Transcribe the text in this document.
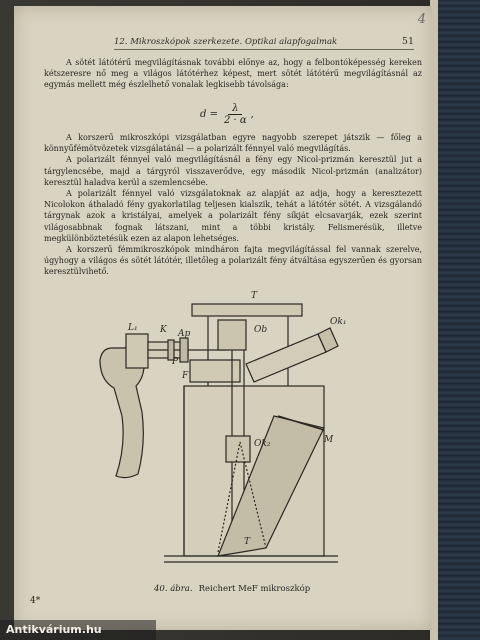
4
12. Mikroszkópok szerkezete. Optikai alapfogalmak	51

A sötét látótérű megvilágításnak további előnye az, hogy a felbontóképesség kereken kétszeresre nő meg a világos látótérhez képest, mert sötét látótérű megvilágításnál az egymás mellett még észlelhető vonalak legkisebb távolsága:

$d = \frac{\lambda}{2 \cdot \alpha}$ ,

A korszerű mikroszkópi vizsgálatban egyre nagyobb szerepet játszik — főleg a könnyűfémötvözetek vizsgálatánál — a polarizált fénnyel való megvilágítás.

A polarizált fénnyel való megvilágításnál a fény egy Nicol-prizmán keresztül jut a tárgylencsébe, majd a tárgyról visszaverődve, egy második Nicol-prizmán (analizátor) keresztül haladva kerül a szemlencsébe.

A polarizált fénnyel való vizsgálatoknak az alapját az adja, hogy a keresztezett Nicolokon áthaladó fény gyakorlatilag teljesen kialszik, tehát a látótér sötét. A vizsgálandó tárgynak azok a kristályai, amelyek a polarizált fény síkját elcsavarják, ezek szerint világosabbnak fognak látszani, mint a többi kristály. Felismerésük, illetve megkülönböztetésük ezen az alapon lehetséges.

A korszerű fémmikroszkópok mindháron fajta megvilágítással fel vannak szerelve, úgyhogy a világos és sötét látótér, illetőleg a polarizált fény átváltása egyszerűen és gyorsan keresztülvihető.

T
L₁ K Ap	Ob
Ok₁
P
F
Ok₂	M
T
40. ábra. Reichert MeF mikroszkóp
4*
Antikvárium.hu
